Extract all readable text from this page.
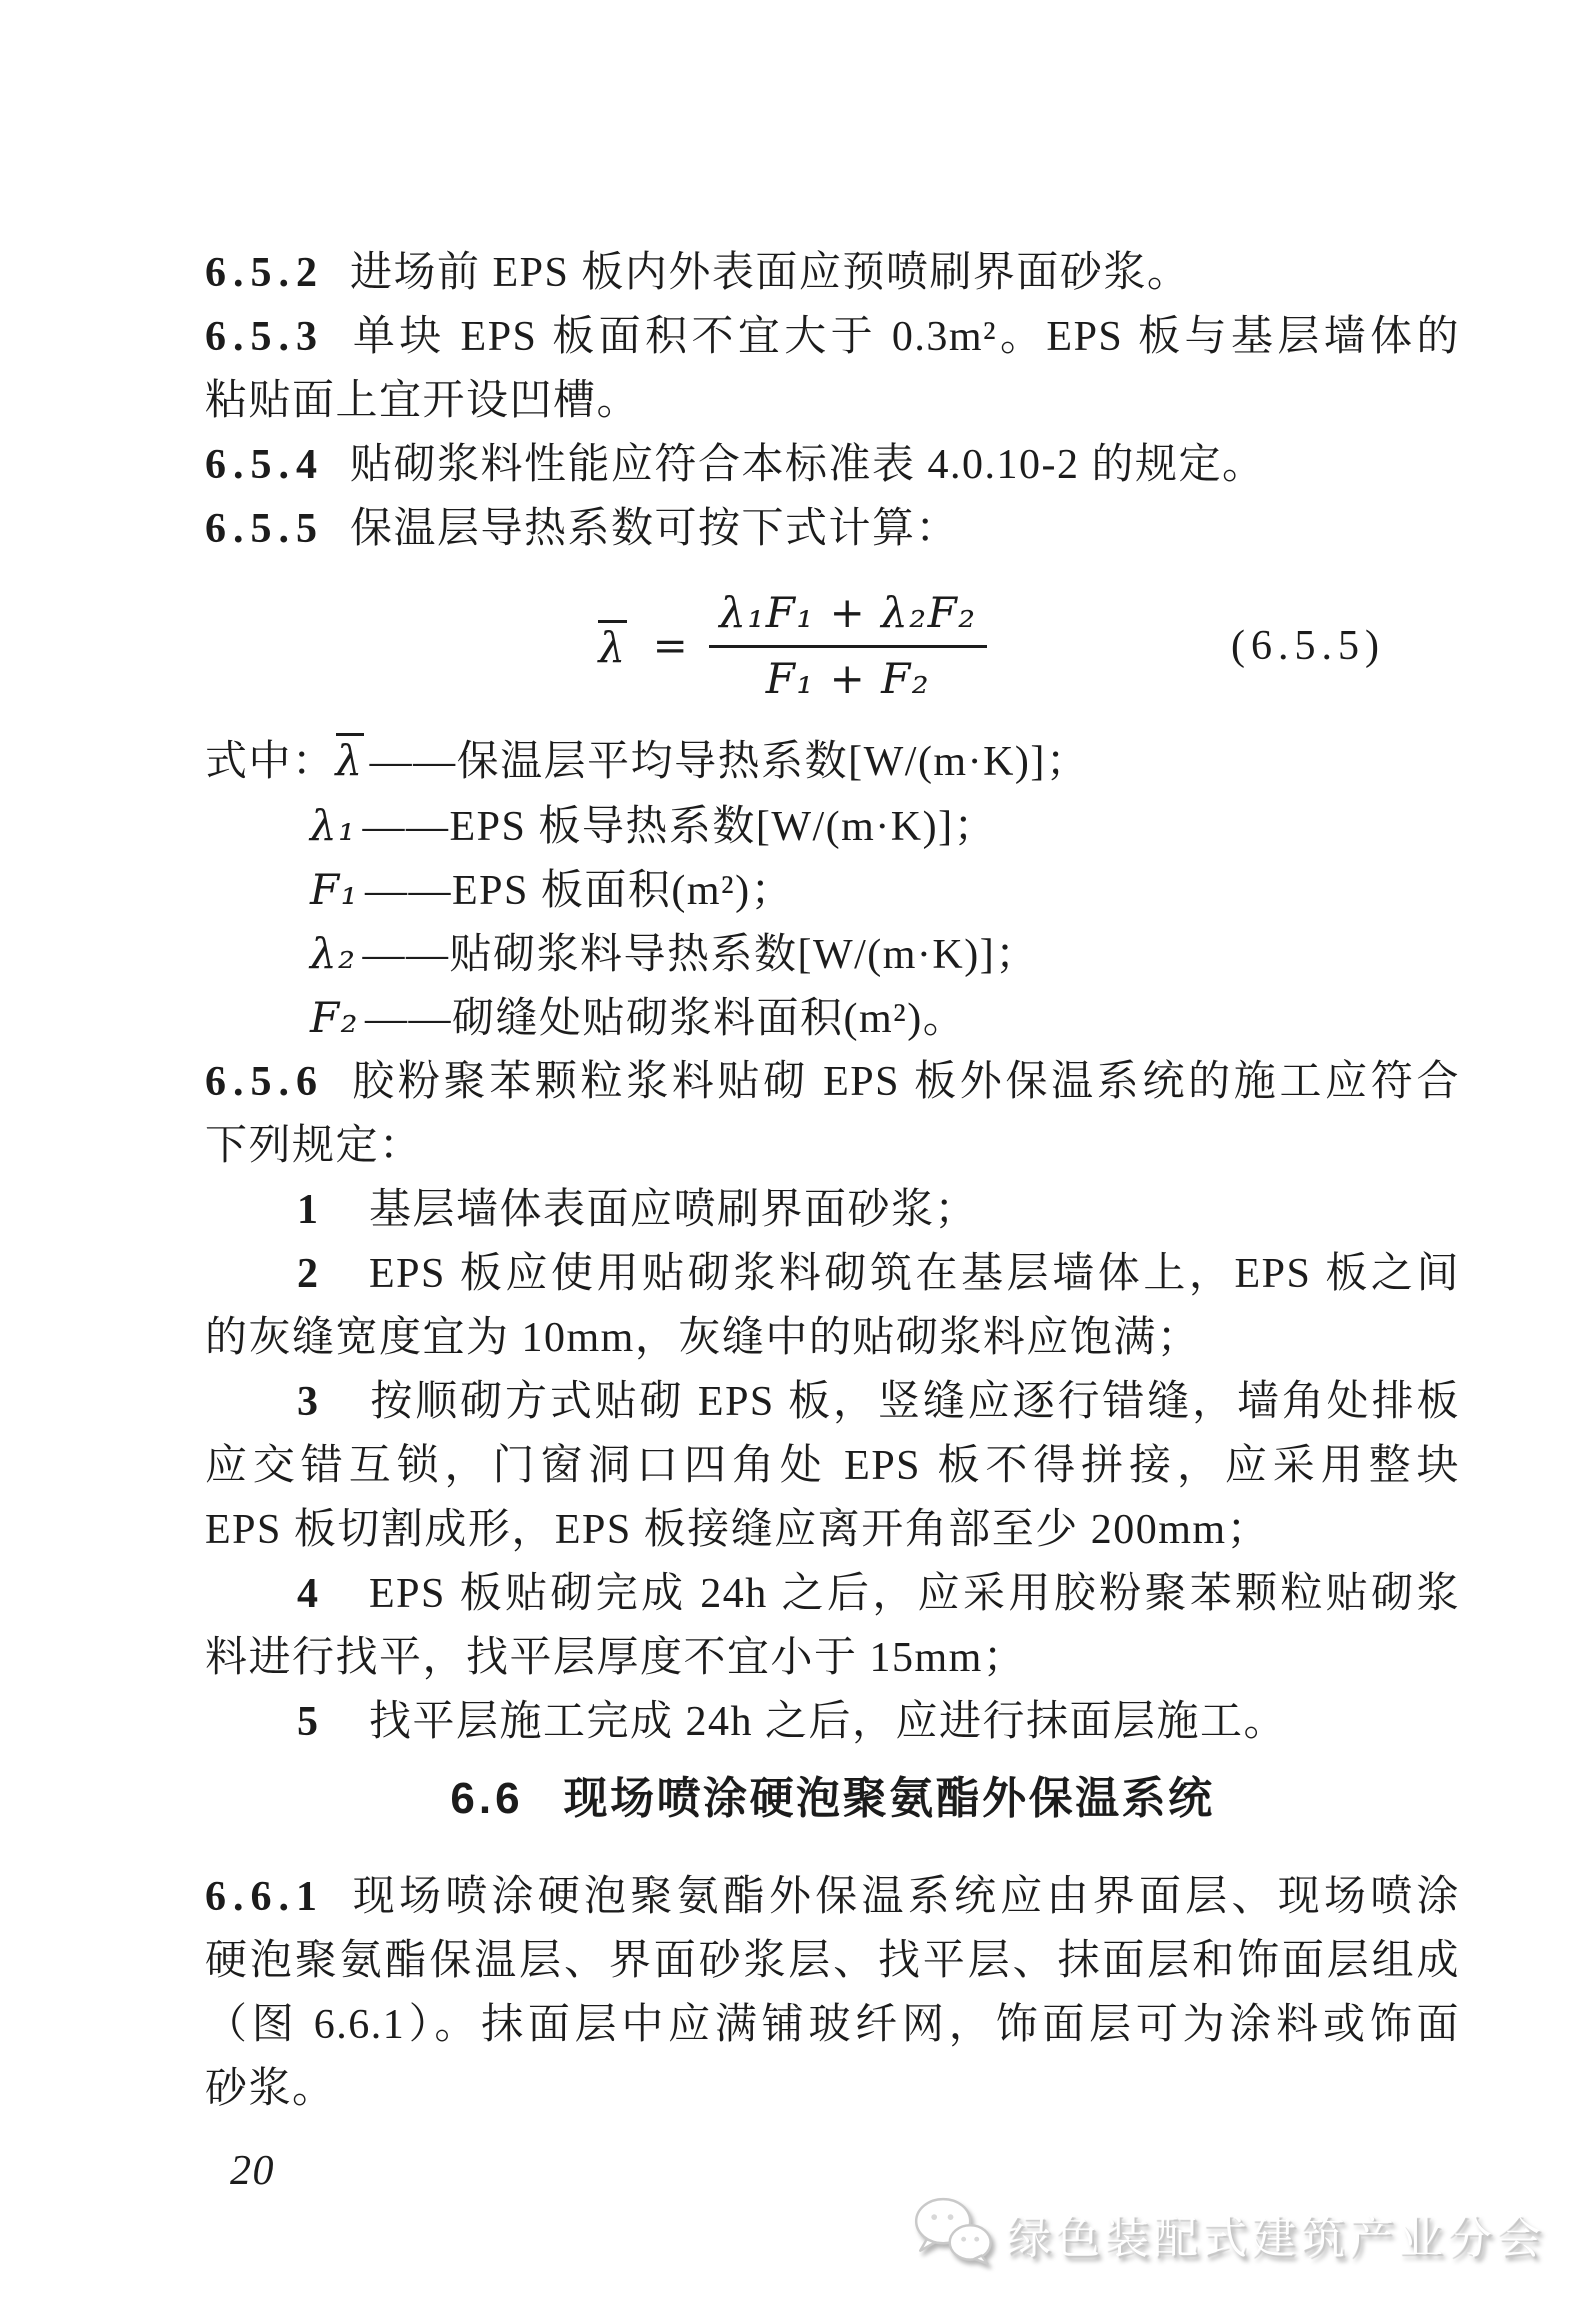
6.5.2 进场前 EPS 板内外表面应预喷刷界面砂浆。
6.5.3 单块 EPS 板面积不宜大于 0.3m²。EPS 板与基层墙体的
粘贴面上宜开设凹槽。
6.5.4 贴砌浆料性能应符合本标准表 4.0.10-2 的规定。
6.5.5 保温层导热系数可按下式计算：
$\lambda = \frac{\text{λ₁F₁ + λ₂F₂}}{\text{F₁ + F₂}}$	(6.5.5)
式中：λ ——保温层平均导热系数[W/(m·K)]；
λ₁ ——EPS 板导热系数[W/(m·K)]；
F₁ ——EPS 板面积(m²)；
λ₂ ——贴砌浆料导热系数[W/(m·K)]；
F₂ ——砌缝处贴砌浆料面积(m²)。
6.5.6 胶粉聚苯颗粒浆料贴砌 EPS 板外保温系统的施工应符合
下列规定：
1 基层墙体表面应喷刷界面砂浆；
2 EPS 板应使用贴砌浆料砌筑在基层墙体上，EPS 板之间
的灰缝宽度宜为 10mm，灰缝中的贴砌浆料应饱满；
3 按顺砌方式贴砌 EPS 板，竖缝应逐行错缝，墙角处排板
应交错互锁，门窗洞口四角处 EPS 板不得拼接，应采用整块
EPS 板切割成形，EPS 板接缝应离开角部至少 200mm；
4 EPS 板贴砌完成 24h 之后，应采用胶粉聚苯颗粒贴砌浆
料进行找平，找平层厚度不宜小于 15mm；
5 找平层施工完成 24h 之后，应进行抹面层施工。
6.6 现场喷涂硬泡聚氨酯外保温系统
6.6.1 现场喷涂硬泡聚氨酯外保温系统应由界面层、现场喷涂
硬泡聚氨酯保温层、界面砂浆层、找平层、抹面层和饰面层组成
（图 6.6.1）。抹面层中应满铺玻纤网，饰面层可为涂料或饰面
砂浆。
20
绿色装配式建筑产业分会
